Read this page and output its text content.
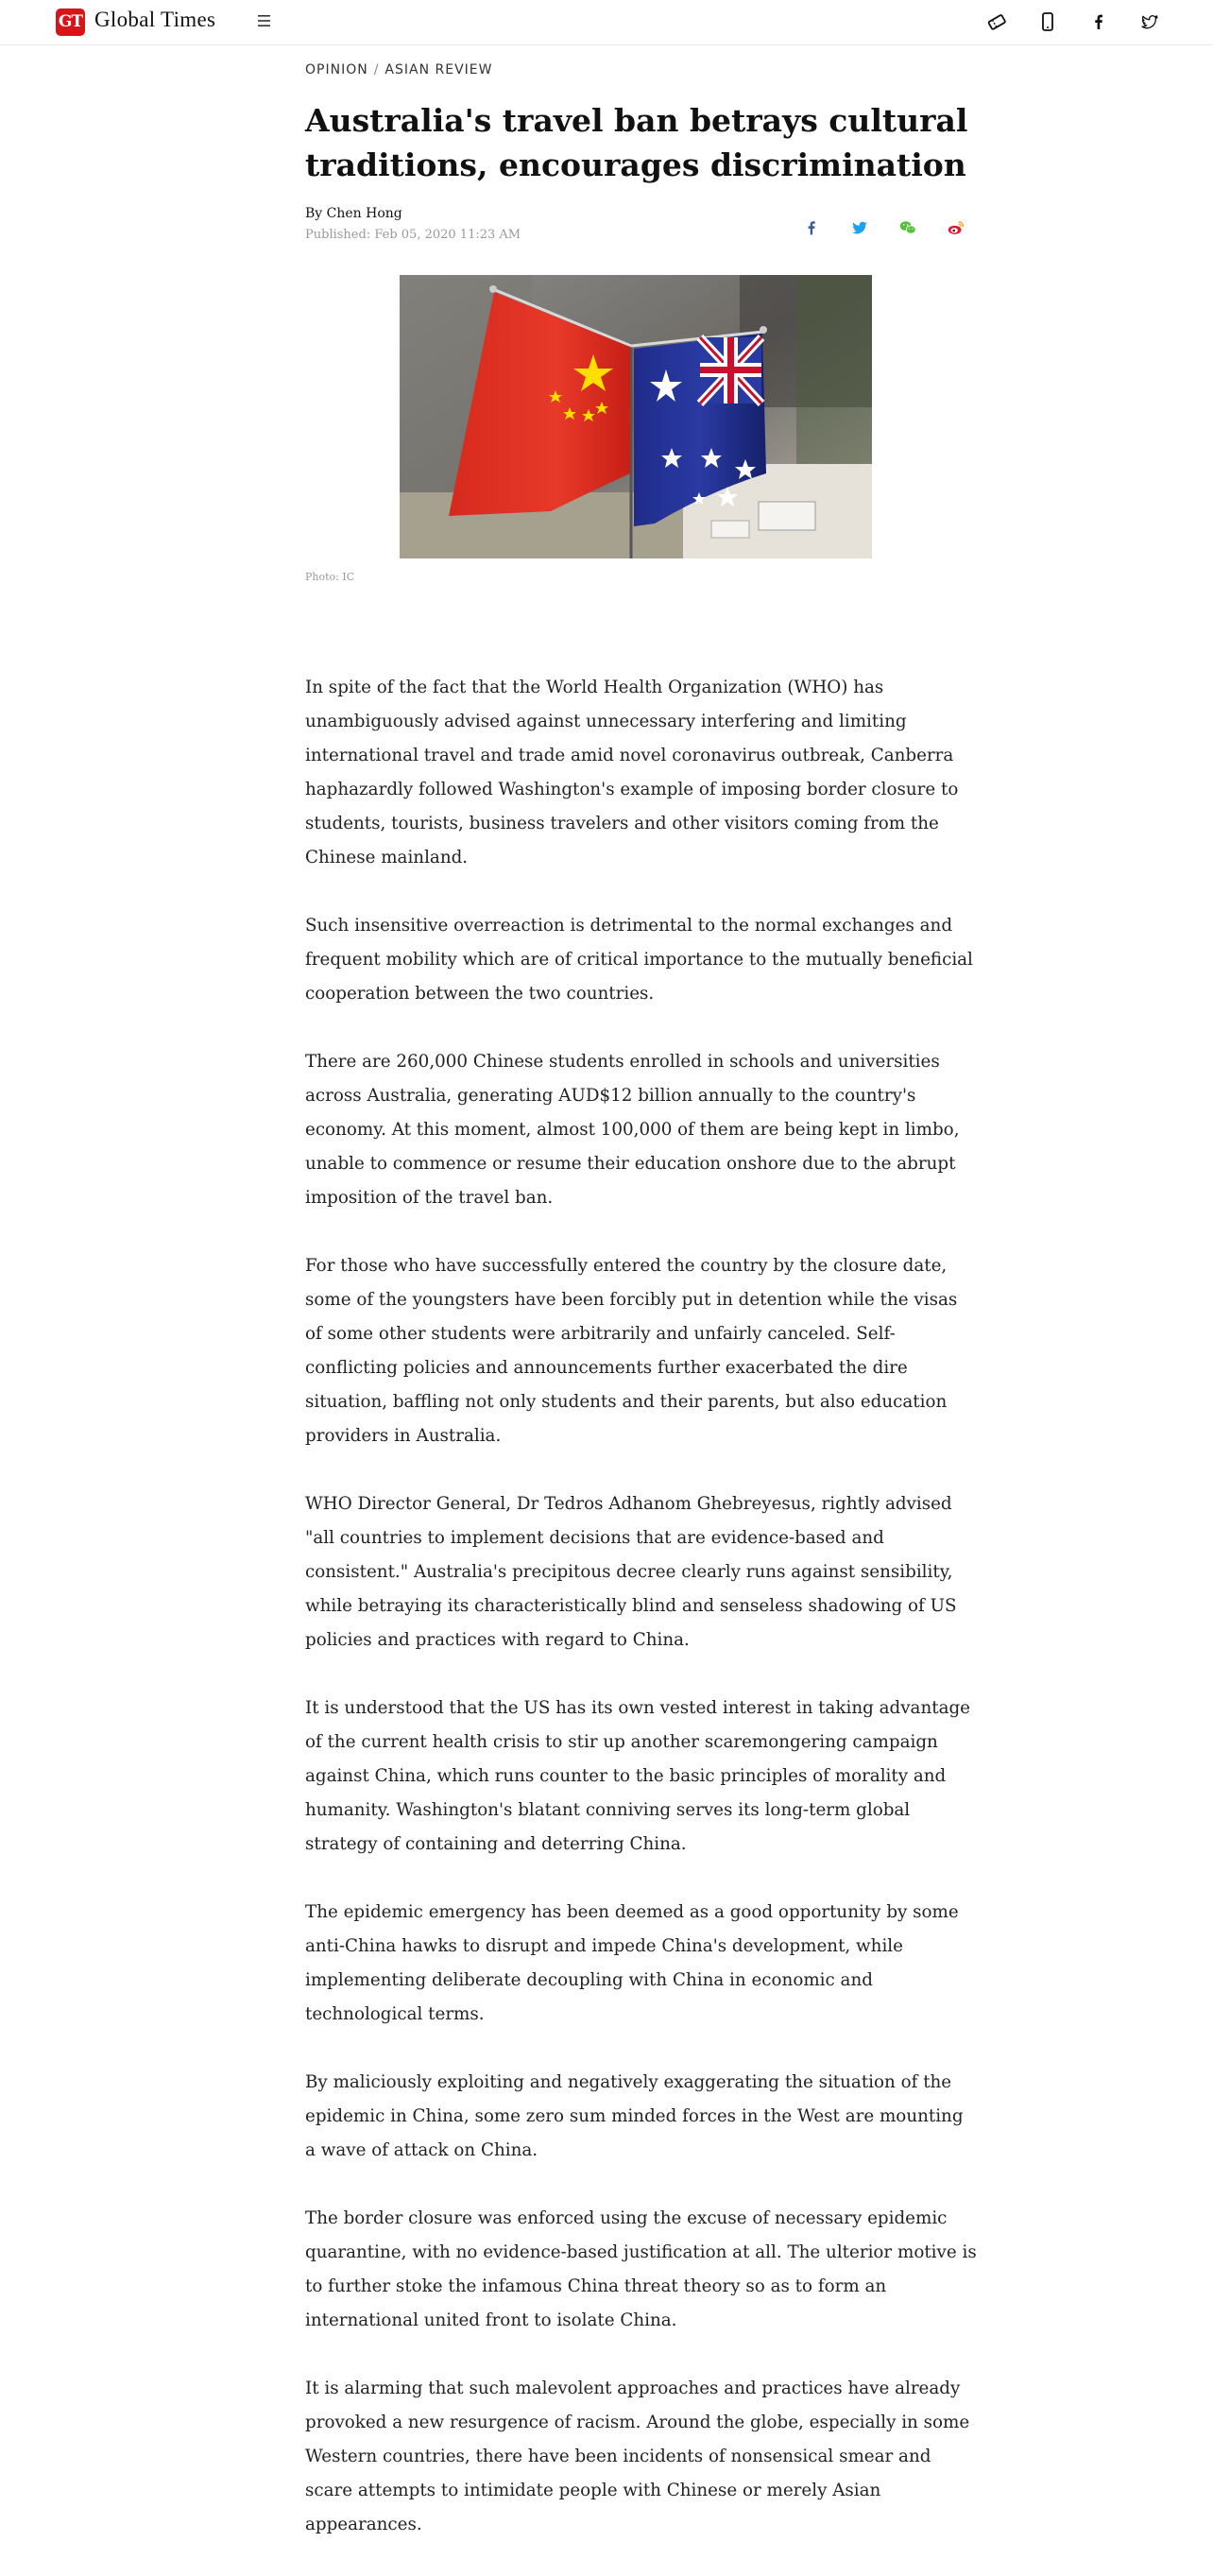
GT Global Times
OPINION / ASIAN REVIEW
Australia's travel ban betrays cultural traditions, encourages discrimination
By Chen Hong
Published: Feb 05, 2020 11:23 AM
Photo: IC

In spite of the fact that the World Health Organization (WHO) has unambiguously advised against unnecessary interfering and limiting international travel and trade amid novel coronavirus outbreak, Canberra haphazardly followed Washington's example of imposing border closure to students, tourists, business travelers and other visitors coming from the Chinese mainland.

Such insensitive overreaction is detrimental to the normal exchanges and frequent mobility which are of critical importance to the mutually beneficial cooperation between the two countries.

There are 260,000 Chinese students enrolled in schools and universities across Australia, generating AUD$12 billion annually to the country's economy. At this moment, almost 100,000 of them are being kept in limbo, unable to commence or resume their education onshore due to the abrupt imposition of the travel ban.

For those who have successfully entered the country by the closure date, some of the youngsters have been forcibly put in detention while the visas of some other students were arbitrarily and unfairly canceled. Self-conflicting policies and announcements further exacerbated the dire situation, baffling not only students and their parents, but also education providers in Australia.

WHO Director General, Dr Tedros Adhanom Ghebreyesus, rightly advised "all countries to implement decisions that are evidence-based and consistent." Australia's precipitous decree clearly runs against sensibility, while betraying its characteristically blind and senseless shadowing of US policies and practices with regard to China.

It is understood that the US has its own vested interest in taking advantage of the current health crisis to stir up another scaremongering campaign against China, which runs counter to the basic principles of morality and humanity. Washington's blatant conniving serves its long-term global strategy of containing and deterring China.

The epidemic emergency has been deemed as a good opportunity by some anti-China hawks to disrupt and impede China's development, while implementing deliberate decoupling with China in economic and technological terms.

By maliciously exploiting and negatively exaggerating the situation of the epidemic in China, some zero sum minded forces in the West are mounting a wave of attack on China.

The border closure was enforced using the excuse of necessary epidemic quarantine, with no evidence-based justification at all. The ulterior motive is to further stoke the infamous China threat theory so as to form an international united front to isolate China.

It is alarming that such malevolent approaches and practices have already provoked a new resurgence of racism. Around the globe, especially in some Western countries, there have been incidents of nonsensical smear and scare attempts to intimidate people with Chinese or merely Asian appearances.
